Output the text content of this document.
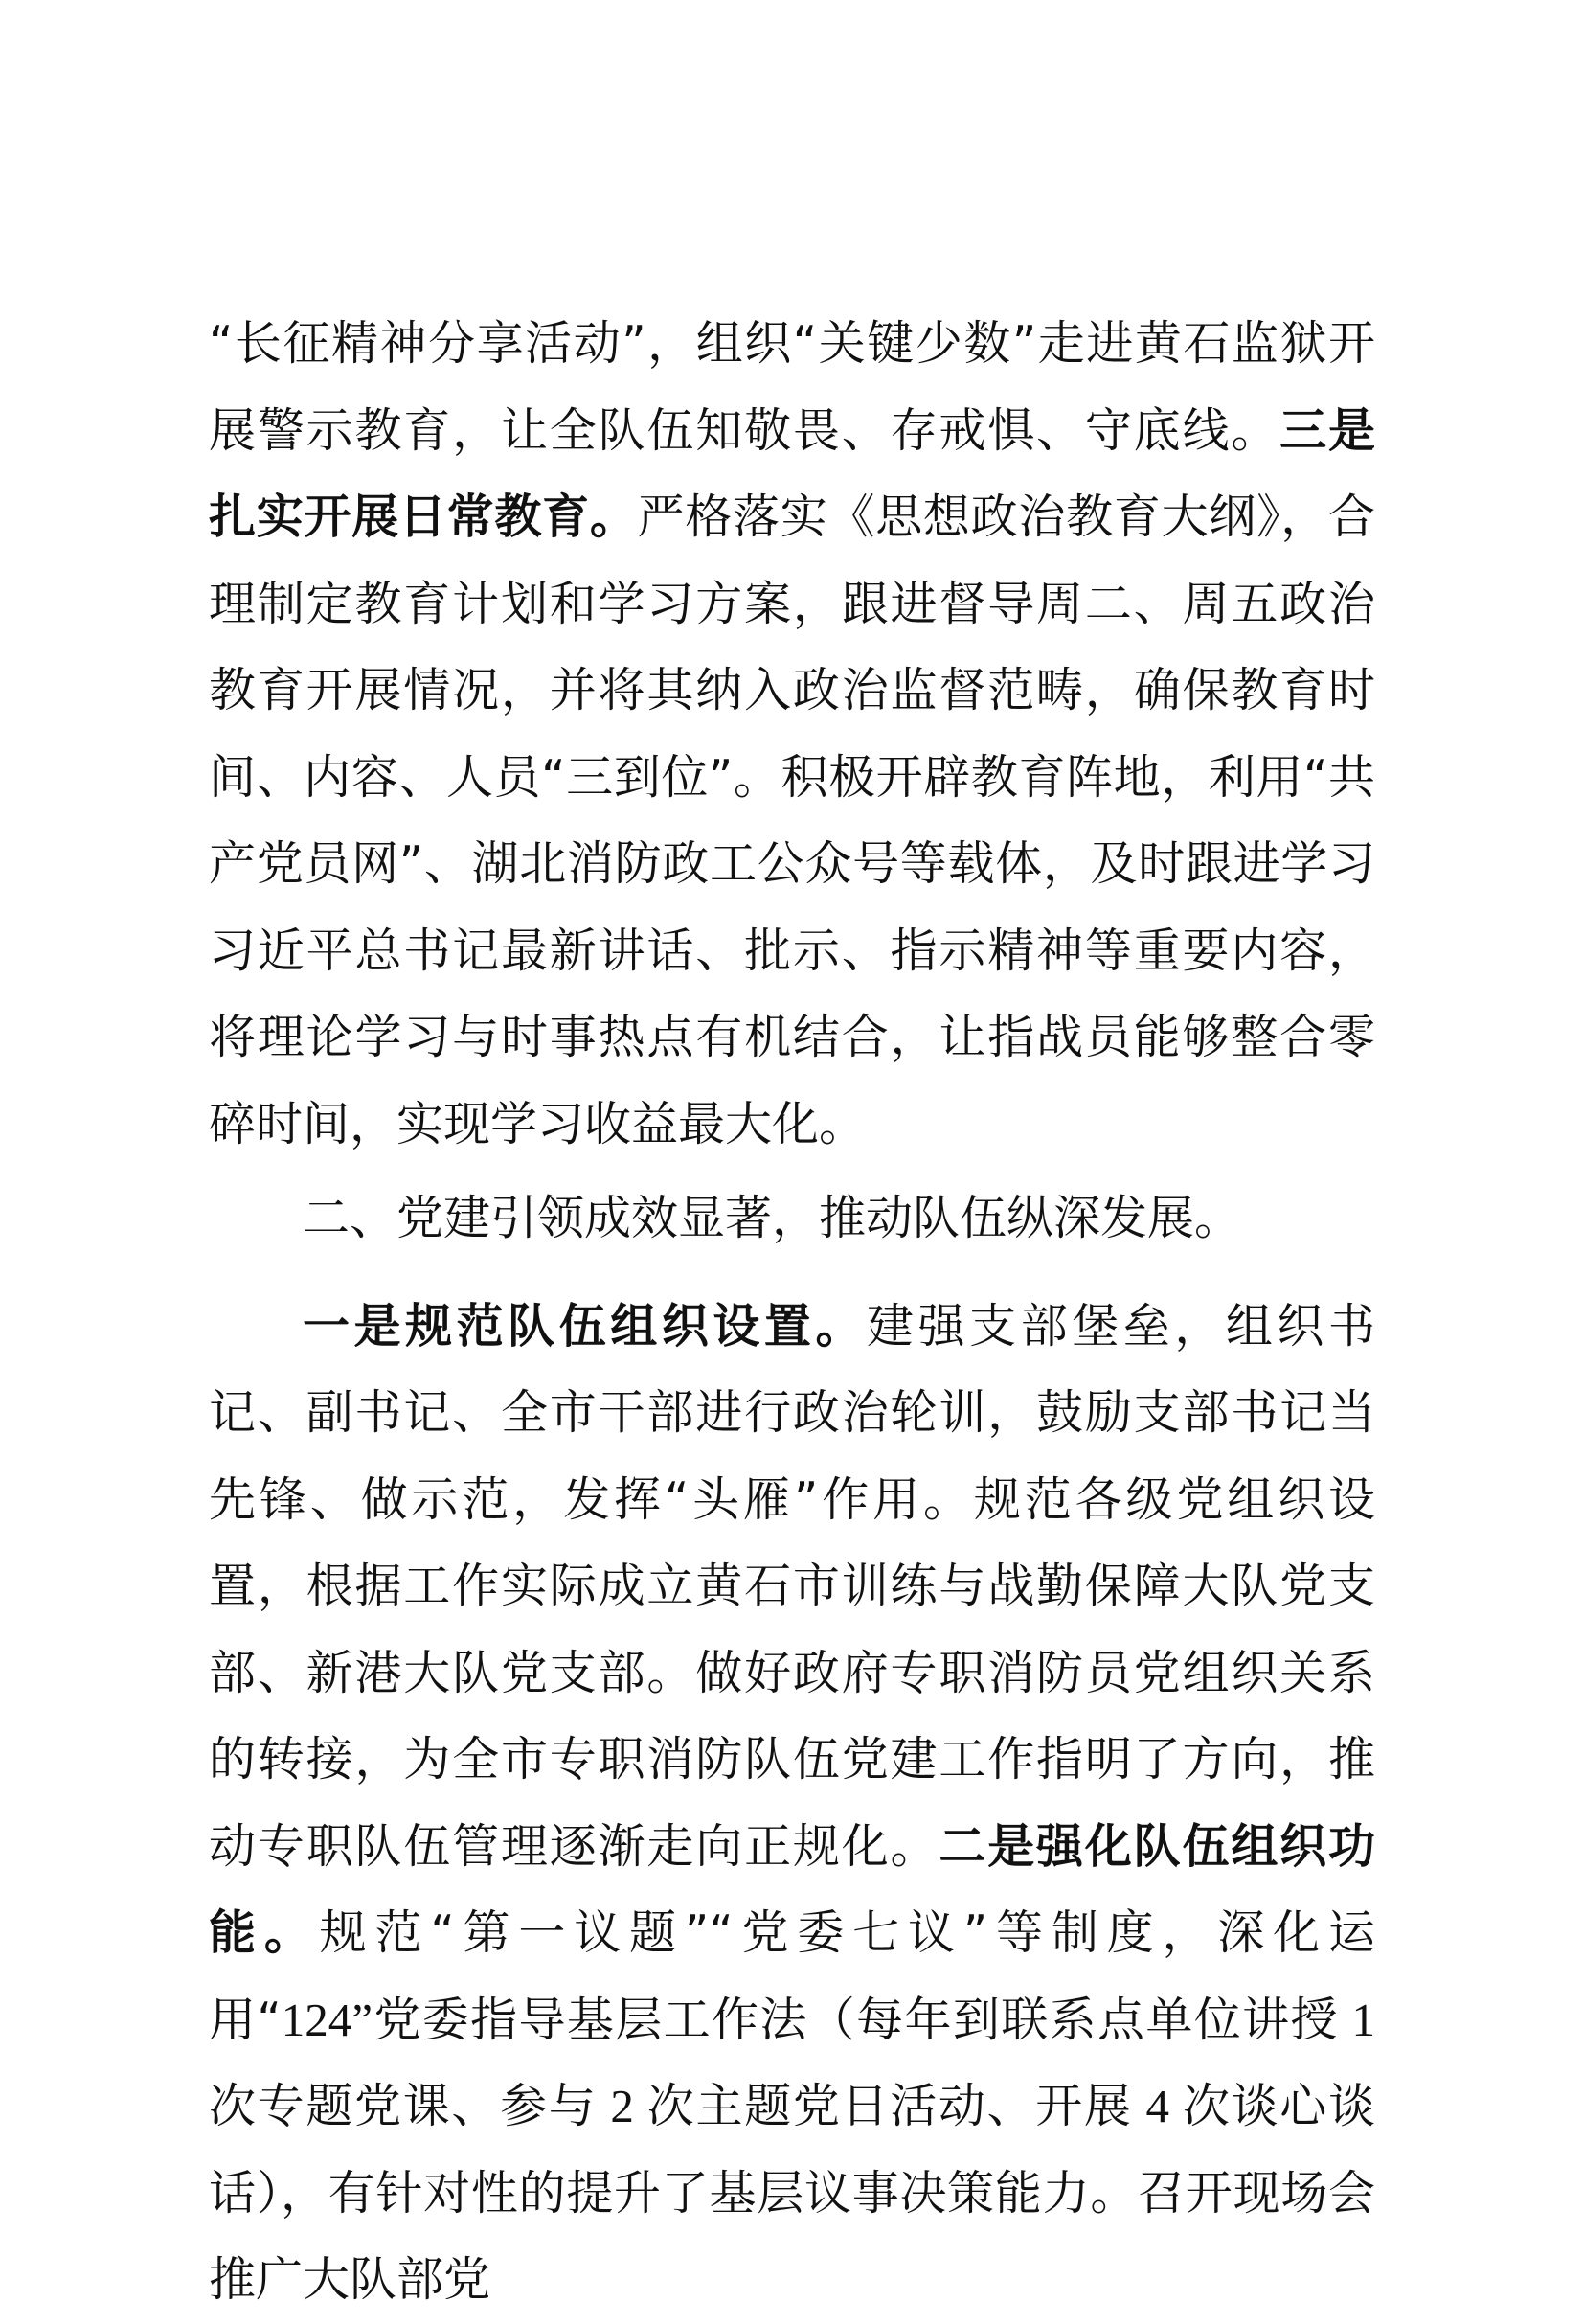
“长征精神分享活动”，组织“关键少数”走进黄石监狱开展警示教育，让全队伍知敬畏、存戒惧、守底线。三是扎实开展日常教育。严格落实《思想政治教育大纲》，合理制定教育计划和学习方案，跟进督导周二、周五政治教育开展情况，并将其纳入政治监督范畴，确保教育时间、内容、人员“三到位”。积极开辟教育阵地，利用“共产党员网”、湖北消防政工公众号等载体，及时跟进学习习近平总书记最新讲话、批示、指示精神等重要内容，将理论学习与时事热点有机结合，让指战员能够整合零碎时间，实现学习收益最大化。

二、党建引领成效显著，推动队伍纵深发展。

一是规范队伍组织设置。建强支部堡垒，组织书记、副书记、全市干部进行政治轮训，鼓励支部书记当先锋、做示范，发挥“头雁”作用。规范各级党组织设置，根据工作实际成立黄石市训练与战勤保障大队党支部、新港大队党支部。做好政府专职消防员党组织关系的转接，为全市专职消防队伍党建工作指明了方向，推动专职队伍管理逐渐走向正规化。二是强化队伍组织功能。规范“第一议题”“党委七议”等制度，深化运用“124”党委指导基层工作法（每年到联系点单位讲授 1 次专题党课、参与 2 次主题党日活动、开展 4 次谈心谈话），有针对性的提升了基层议事决策能力。召开现场会推广大队部党
